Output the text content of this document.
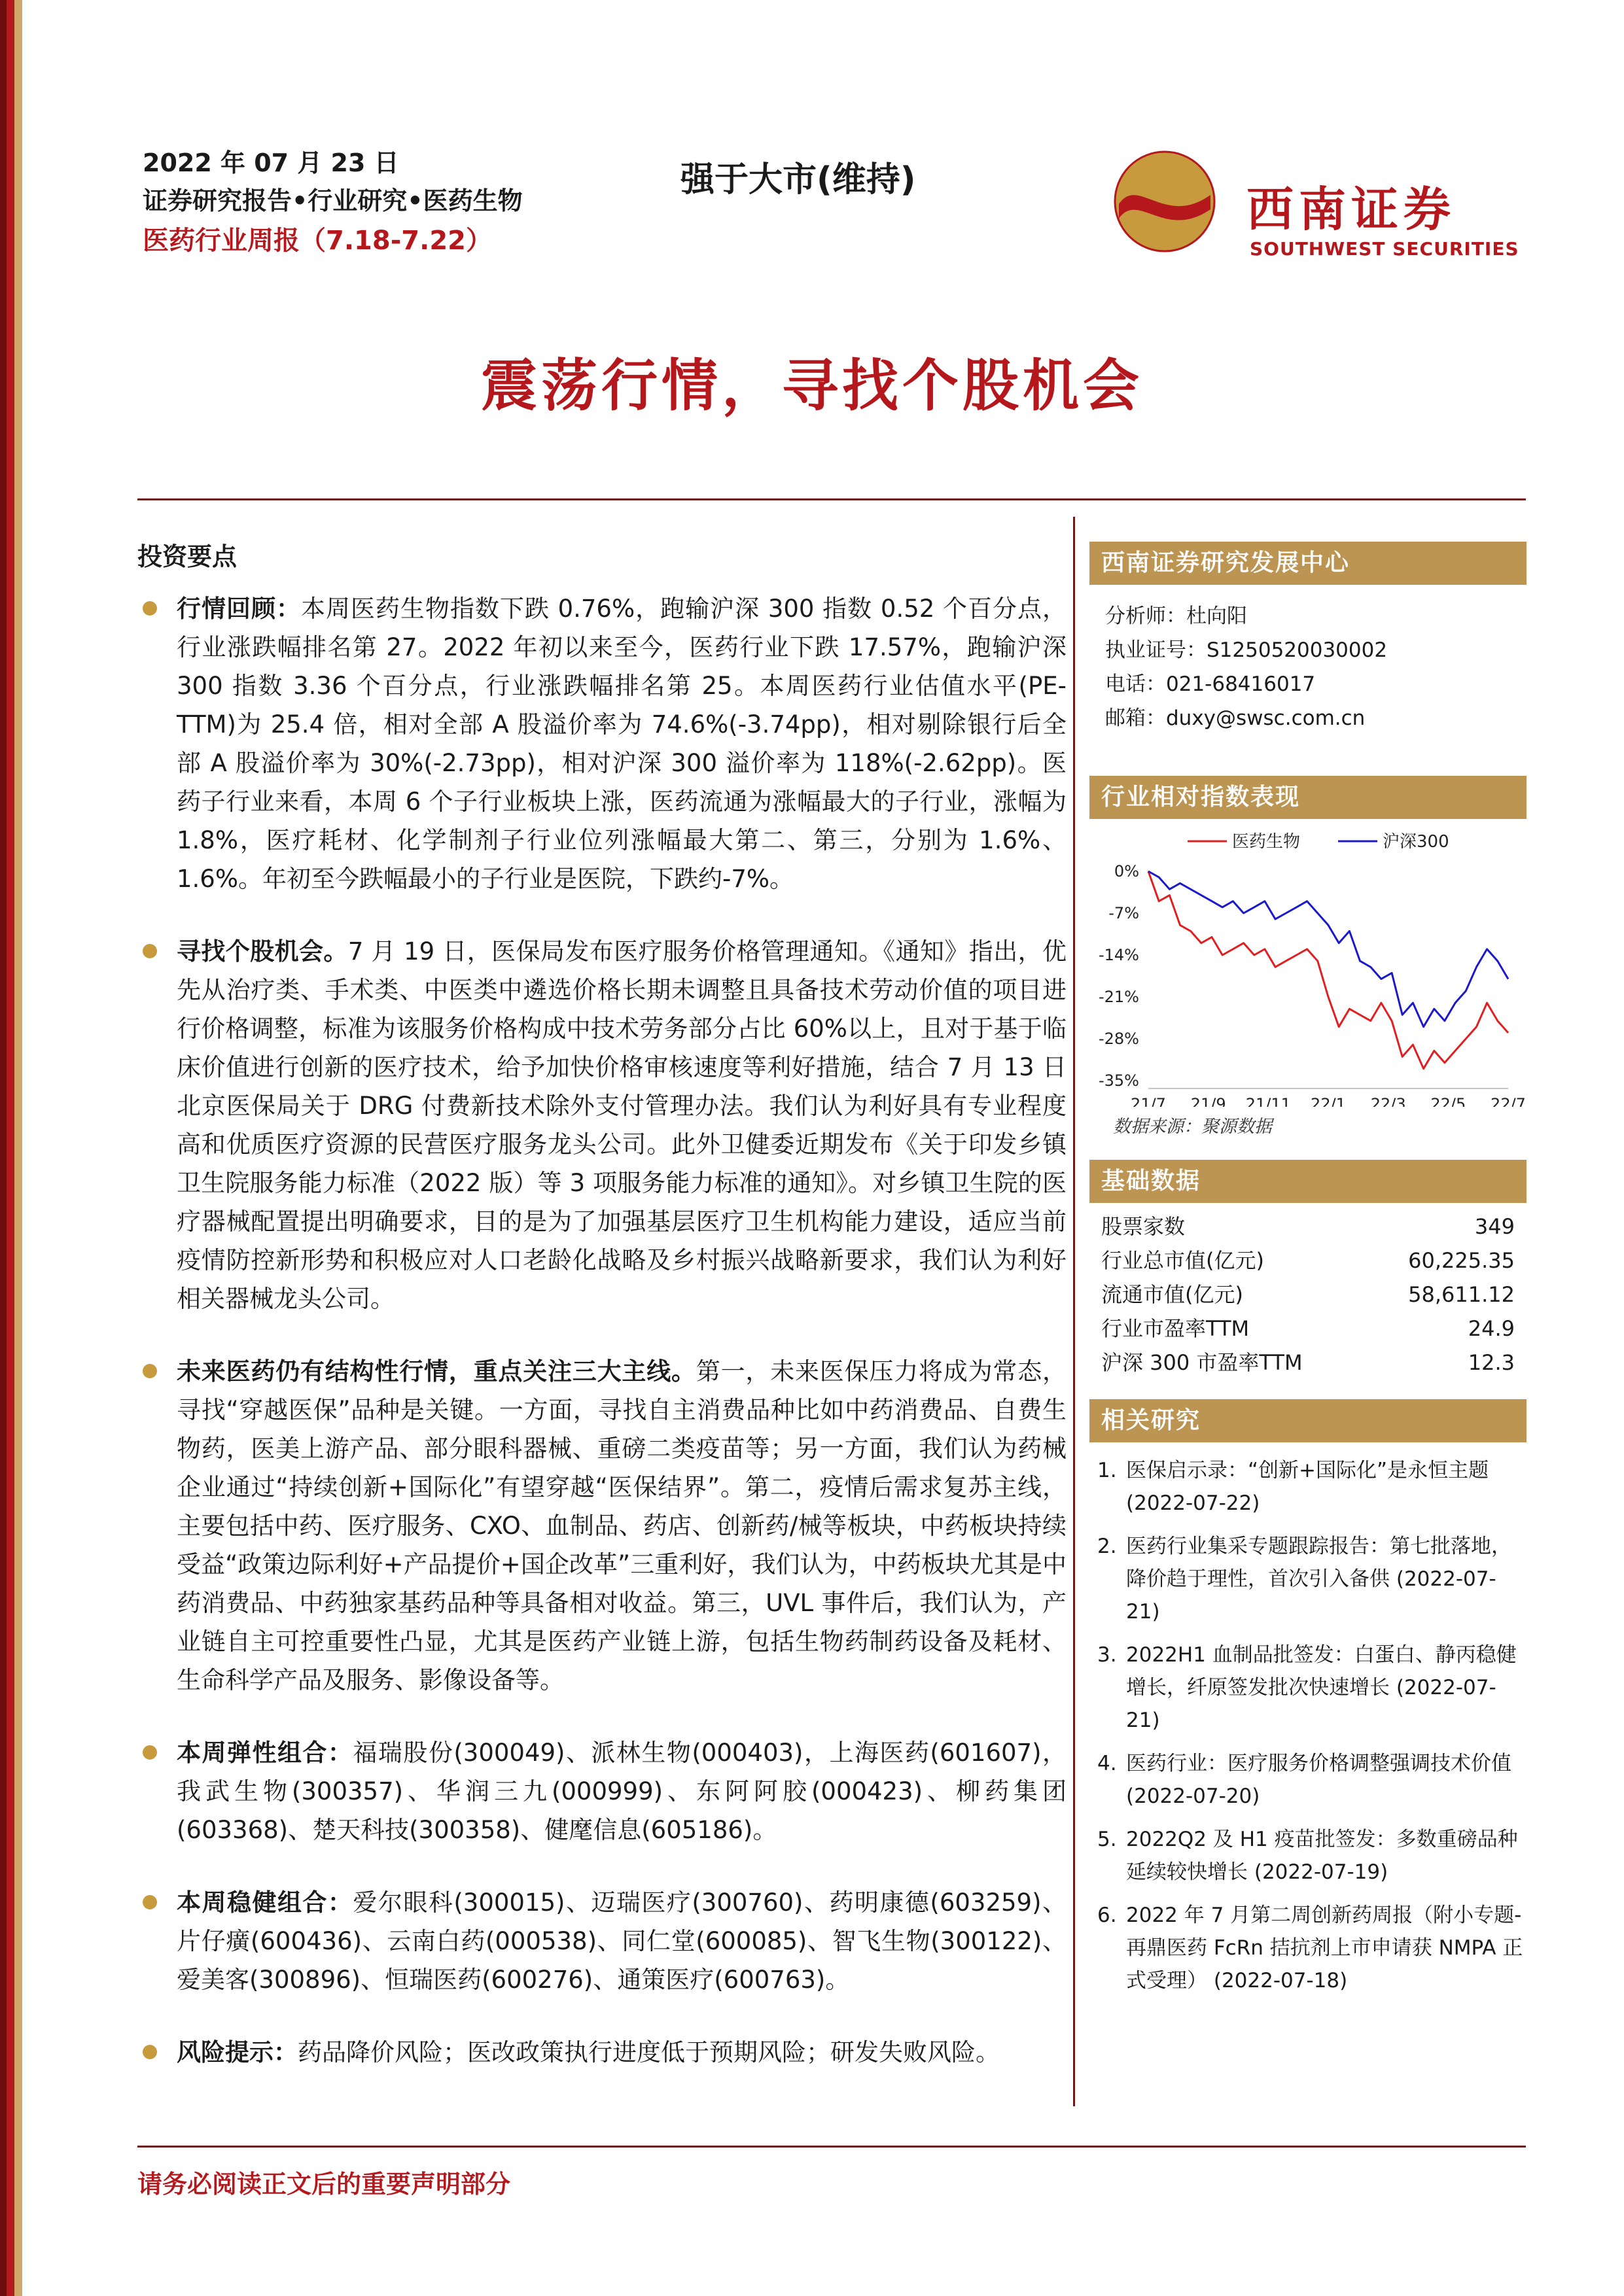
2022 年 07 月 23 日
证券研究报告•行业研究•医药生物
医药行业周报（7.18-7.22）
强于大市(维持)
西南证券
SOUTHWEST SECURITIES
震荡行情，寻找个股机会
投资要点

行情回顾：本周医药生物指数下跌 0.76%，跑输沪深 300 指数 0.52 个百分点，行业涨跌幅排名第 27。2022 年初以来至今，医药行业下跌 17.57%，跑输沪深 300 指数 3.36 个百分点，行业涨跌幅排名第 25。本周医药行业估值水平(PE-TTM)为 25.4 倍，相对全部 A 股溢价率为 74.6%(-3.74pp)，相对剔除银行后全部 A 股溢价率为 30%(-2.73pp)，相对沪深 300 溢价率为 118%(-2.62pp)。医药子行业来看，本周 6 个子行业板块上涨，医药流通为涨幅最大的子行业，涨幅为 1.8%，医疗耗材、化学制剂子行业位列涨幅最大第二、第三，分别为 1.6%、1.6%。年初至今跌幅最小的子行业是医院，下跌约-7%。

寻找个股机会。7 月 19 日，医保局发布医疗服务价格管理通知。《通知》指出，优先从治疗类、手术类、中医类中遴选价格长期未调整且具备技术劳动价值的项目进行价格调整，标准为该服务价格构成中技术劳务部分占比 60%以上，且对于基于临床价值进行创新的医疗技术，给予加快价格审核速度等利好措施，结合 7 月 13 日北京医保局关于 DRG 付费新技术除外支付管理办法。我们认为利好具有专业程度高和优质医疗资源的民营医疗服务龙头公司。此外卫健委近期发布《关于印发乡镇卫生院服务能力标准（2022 版）等 3 项服务能力标准的通知》。对乡镇卫生院的医疗器械配置提出明确要求，目的是为了加强基层医疗卫生机构能力建设，适应当前疫情防控新形势和积极应对人口老龄化战略及乡村振兴战略新要求，我们认为利好相关器械龙头公司。

未来医药仍有结构性行情，重点关注三大主线。第一，未来医保压力将成为常态，寻找“穿越医保”品种是关键。一方面，寻找自主消费品种比如中药消费品、自费生物药，医美上游产品、部分眼科器械、重磅二类疫苗等；另一方面，我们认为药械企业通过“持续创新+国际化”有望穿越“医保结界”。第二，疫情后需求复苏主线，主要包括中药、医疗服务、CXO、血制品、药店、创新药/械等板块，中药板块持续受益“政策边际利好+产品提价+国企改革”三重利好，我们认为，中药板块尤其是中药消费品、中药独家基药品种等具备相对收益。第三，UVL 事件后，我们认为，产业链自主可控重要性凸显，尤其是医药产业链上游，包括生物药制药设备及耗材、生命科学产品及服务、影像设备等。

本周弹性组合：福瑞股份(300049)、派林生物(000403)，上海医药(601607)，我武生物(300357)、华润三九(000999)、东阿阿胶(000423)、柳药集团(603368)、楚天科技(300358)、健麾信息(605186)。

本周稳健组合：爱尔眼科(300015)、迈瑞医疗(300760)、药明康德(603259)、片仔癀(600436)、云南白药(000538)、同仁堂(600085)、智飞生物(300122)、爱美客(300896)、恒瑞医药(600276)、通策医疗(600763)。

风险提示：药品降价风险；医改政策执行进度低于预期风险；研发失败风险。

西南证券研究发展中心

分析师：杜向阳

执业证号：S1250520030002

电话：021-68416017

邮箱：duxy@swsc.com.cn

行业相对指数表现
医药生物	沪深300
0%
-7%
-14%
-21%
-28%
-35%
21/7 21/9 21/11 22/1 22/3 22/5 22/7
数据来源：聚源数据
基础数据
股票家数	349
行业总市值(亿元)	60,225.35
流通市值(亿元)	58,611.12
行业市盈率TTM	24.9
沪深 300 市盈率TTM	12.3
相关研究
1. 医保启示录：“创新+国际化”是永恒主题 (2022-07-22)
2. 医药行业集采专题跟踪报告：第七批落地，降价趋于理性，首次引入备供 (2022-07-21)
3. 2022H1 血制品批签发：白蛋白、静丙稳健增长，纤原签发批次快速增长 (2022-07-21)
4. 医药行业：医疗服务价格调整强调技术价值 (2022-07-20)
5. 2022Q2 及 H1 疫苗批签发：多数重磅品种延续较快增长 (2022-07-19)
6. 2022 年 7 月第二周创新药周报（附小专题-再鼎医药 FcRn 拮抗剂上市申请获 NMPA 正式受理） (2022-07-18)
请务必阅读正文后的重要声明部分
